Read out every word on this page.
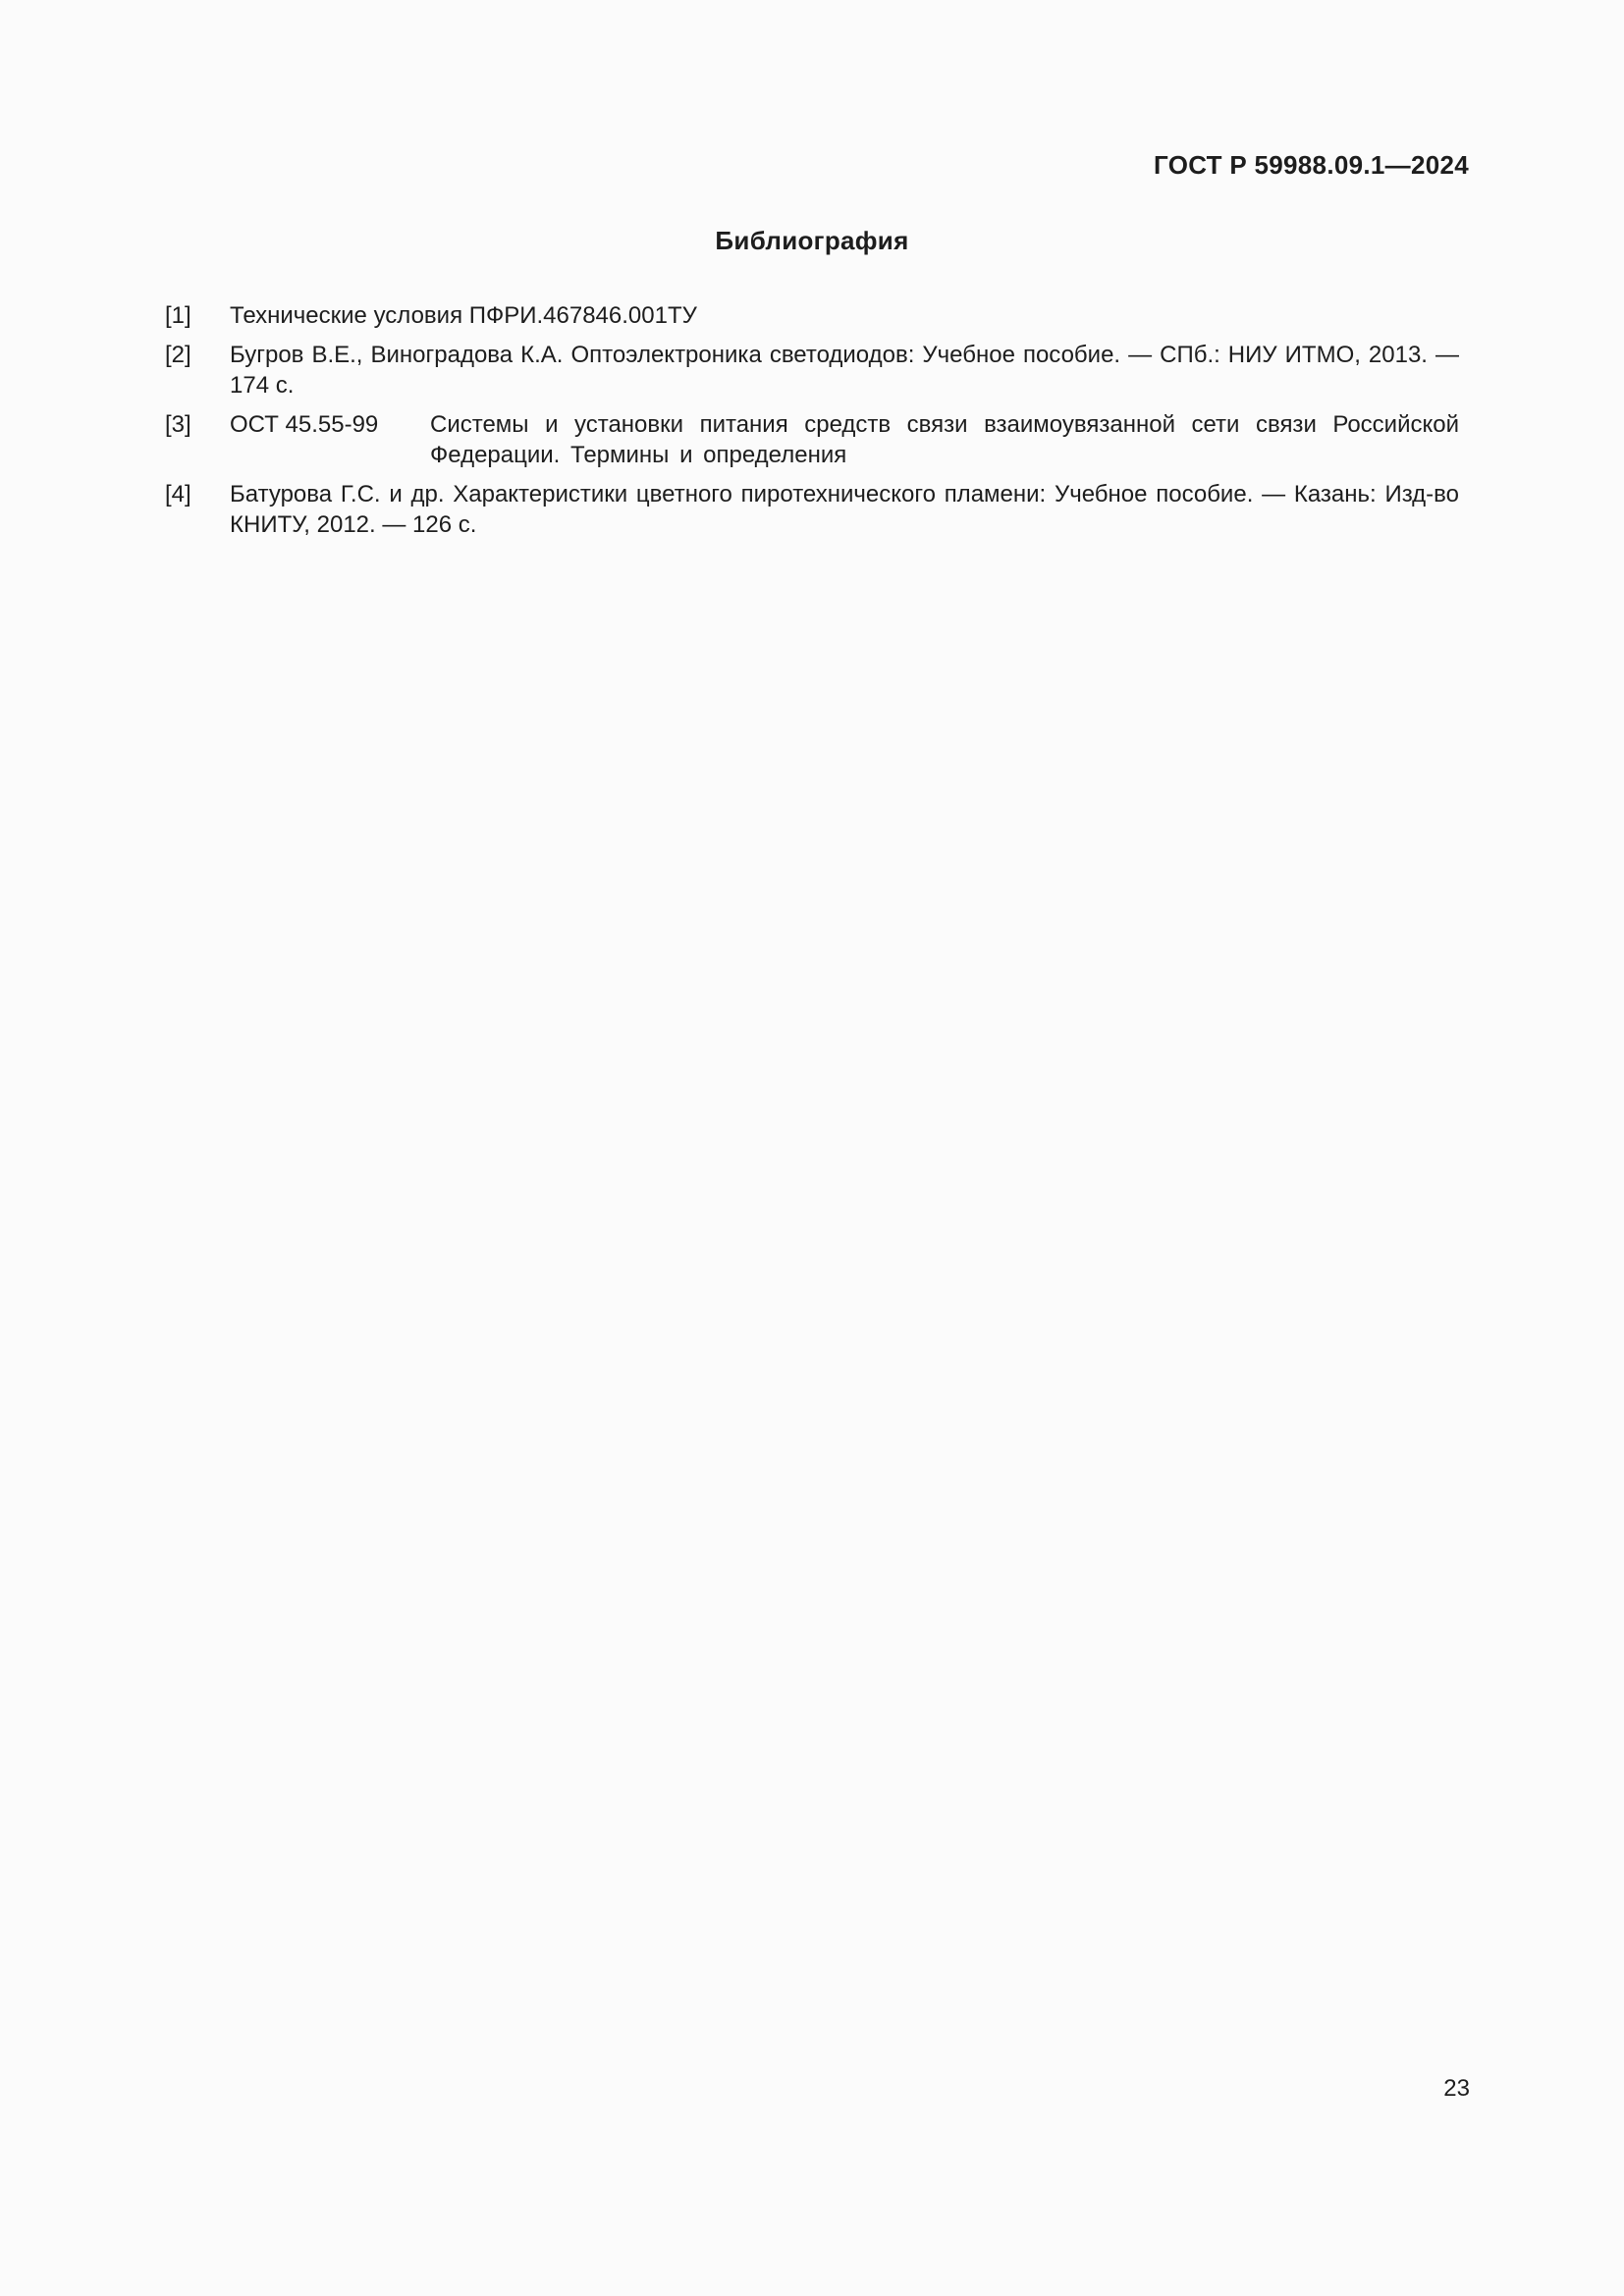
ГОСТ Р 59988.09.1—2024
Библиография
[1]	Технические условия ПФРИ.467846.001ТУ
[2]	Бугров В.Е., Виноградова К.А. Оптоэлектроника светодиодов: Учебное пособие. — СПб.: НИУ ИТМО, 2013. — 174 с.
[3]	ОСТ 45.55-99	Системы и установки питания средств связи взаимоувязанной сети связи Российской Федерации. Термины и определения
[4]	Батурова Г.С. и др. Характеристики цветного пиротехнического пламени: Учебное пособие. — Казань: Изд-во КНИТУ, 2012. — 126 с.
23
